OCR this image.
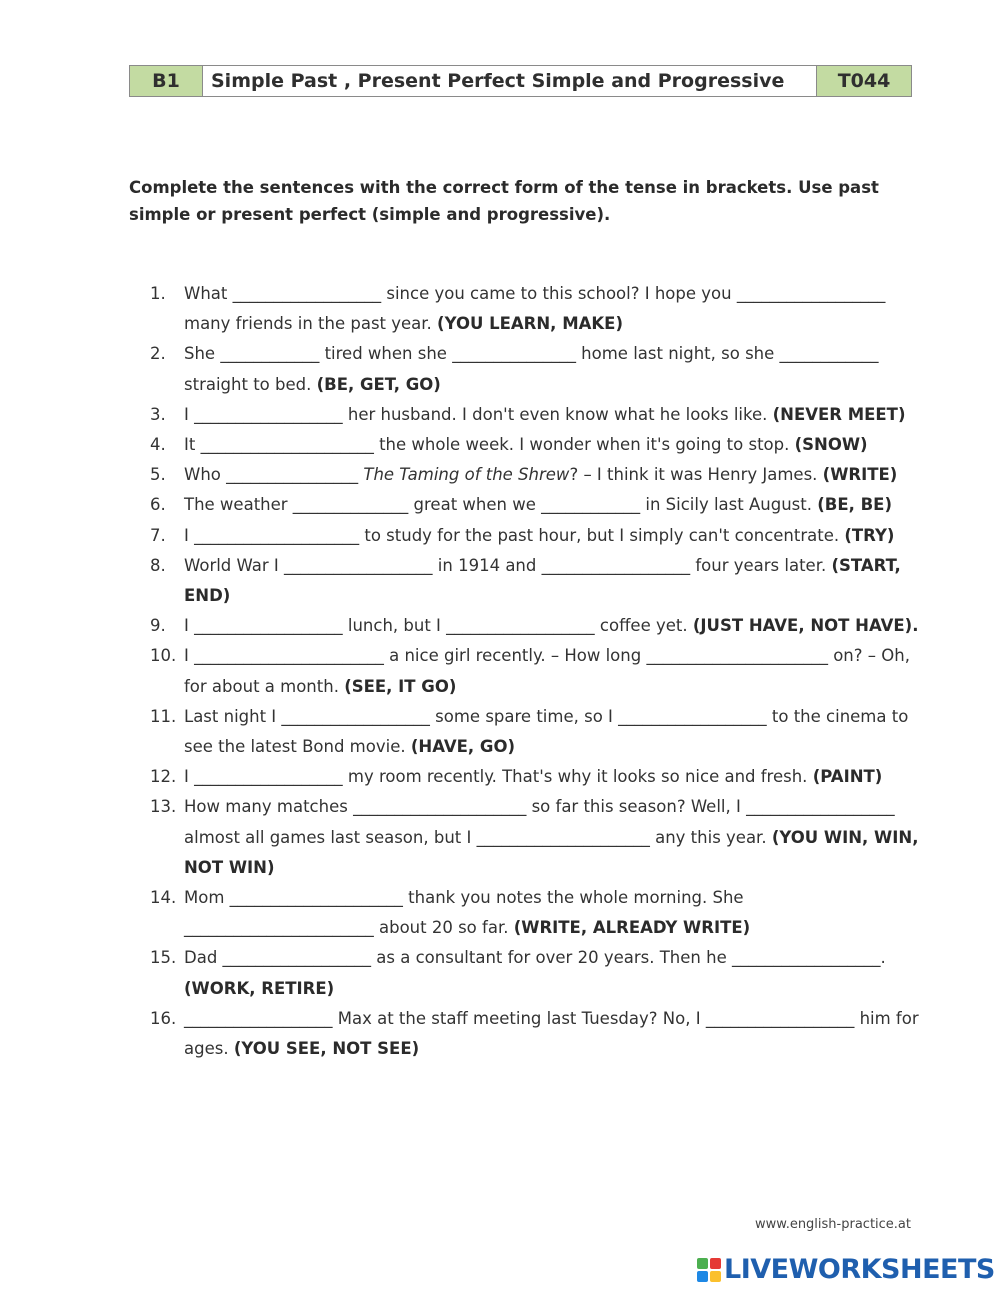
B1	Simple Past , Present Perfect Simple and Progressive	T044
Complete the sentences with the correct form of the tense in brackets. Use past simple or present perfect (simple and progressive).
1.	What __________________ since you came to this school? I hope you __________________ many friends in the past year. (YOU LEARN, MAKE)
2.	She ____________ tired when she _______________ home last night, so she ____________ straight to bed. (BE, GET, GO)
3.	I __________________ her husband. I don't even know what he looks like. (NEVER MEET)
4.	It _____________________ the whole week. I wonder when it's going to stop. (SNOW)
5.	Who ________________ The Taming of the Shrew? – I think it was Henry James. (WRITE)
6.	The weather ______________ great when we ____________ in Sicily last August. (BE, BE)
7.	I ____________________ to study for the past hour, but I simply can't concentrate. (TRY)
8.	World War I __________________ in 1914 and __________________ four years later. (START, END)
9.	I __________________ lunch, but I __________________ coffee yet. (JUST HAVE, NOT HAVE).
10. I _______________________ a nice girl recently. – How long ______________________ on? – Oh, for about a month. (SEE, IT GO)
11. Last night I __________________ some spare time, so I __________________ to the cinema to see the latest Bond movie. (HAVE, GO)
12. I __________________ my room recently. That's why it looks so nice and fresh. (PAINT)
13. How many matches _____________________ so far this season? Well, I __________________ almost all games last season, but I _____________________ any this year. (YOU WIN, WIN, NOT WIN)
14. Mom _____________________ thank you notes the whole morning. She _______________________ about 20 so far. (WRITE, ALREADY WRITE)
15. Dad __________________ as a consultant for over 20 years. Then he __________________. (WORK, RETIRE)
16. __________________ Max at the staff meeting last Tuesday? No, I __________________ him for ages. (YOU SEE, NOT SEE)
www.english-practice.at
LIVEWORKSHEETS
